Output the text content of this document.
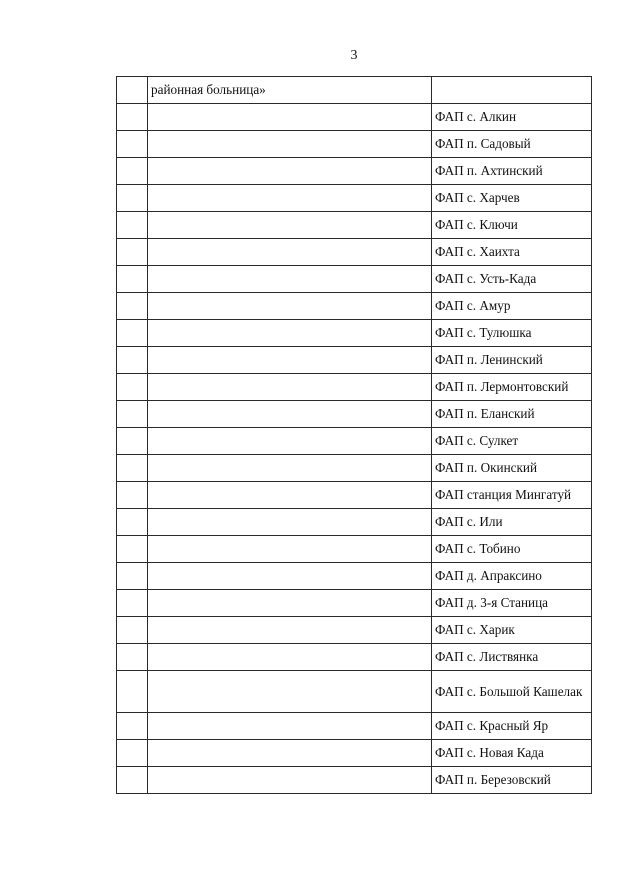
3
	районная больница»	
		ФАП с. Алкин
		ФАП п. Садовый
		ФАП п. Ахтинский
		ФАП с. Харчев
		ФАП с. Ключи
		ФАП с. Хаихта
		ФАП с. Усть-Када
		ФАП с. Амур
		ФАП с. Тулюшка
		ФАП п. Ленинский
		ФАП п. Лермонтовский
		ФАП п. Еланский
		ФАП с. Сулкет
		ФАП п. Окинский
		ФАП станция Мингатуй
		ФАП с. Или
		ФАП с. Тобино
		ФАП д. Апраксино
		ФАП д. 3-я Станица
		ФАП с. Харик
		ФАП с. Листвянка
		ФАП с. Большой Кашелак
		ФАП с. Красный Яр
		ФАП с. Новая Када
		ФАП п. Березовский
